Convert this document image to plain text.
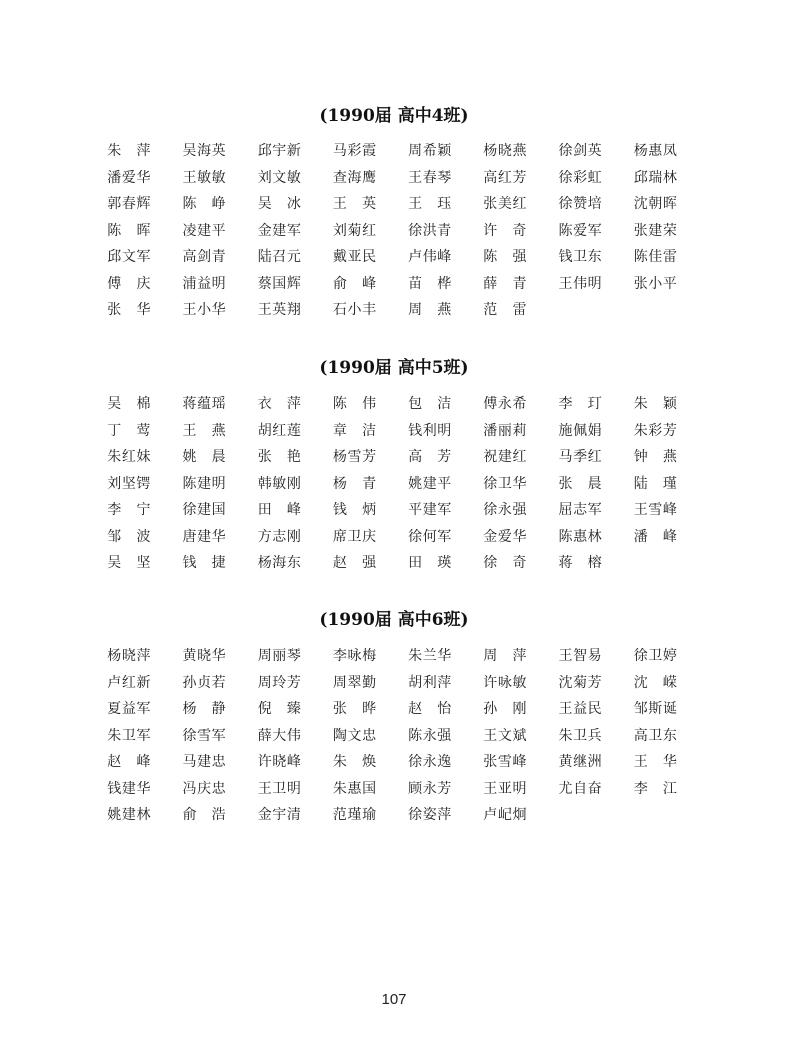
(1990届 高中4班)
朱 萍	吴海英	邱宇新	马彩霞	周希颖	杨晓燕	徐剑英	杨惠凤
潘爱华	王敏敏	刘文敏	查海鹰	王春琴	高红芳	徐彩虹	邱瑞林
郭春辉	陈 峥	吴 冰	王 英	王 珏	张美红	徐赞培	沈朝晖
陈 晖	凌建平	金建军	刘菊红	徐洪青	许 奇	陈爱军	张建荣
邱文军	高剑青	陆召元	戴亚民	卢伟峰	陈 强	钱卫东	陈佳雷
傅 庆	浦益明	蔡国辉	俞 峰	苗 桦	薛 青	王伟明	张小平
张 华	王小华	王英翔	石小丰	周 燕	范 雷
(1990届 高中5班)
吴 棉	蒋蕴瑶	衣 萍	陈 伟	包 洁	傅永希	李 玎	朱 颖
丁 莺	王 燕	胡红莲	章 洁	钱利明	潘丽莉	施佩娟	朱彩芳
朱红妹	姚 晨	张 艳	杨雪芳	高 芳	祝建红	马季红	钟 燕
刘坚锷	陈建明	韩敏刚	杨 青	姚建平	徐卫华	张 晨	陆 瑾
李 宁	徐建国	田 峰	钱 炳	平建军	徐永强	屈志军	王雪峰
邹 波	唐建华	方志刚	席卫庆	徐何军	金爱华	陈惠林	潘 峰
吴 坚	钱 捷	杨海东	赵 强	田 瑛	徐 奇	蒋 榕
(1990届 高中6班)
杨晓萍	黄晓华	周丽琴	李咏梅	朱兰华	周 萍	王智易	徐卫婷
卢红新	孙贞若	周玲芳	周翠勤	胡利萍	许咏敏	沈菊芳	沈 嵘
夏益军	杨 静	倪 臻	张 晔	赵 怡	孙 刚	王益民	邹斯诞
朱卫军	徐雪军	薛大伟	陶文忠	陈永强	王文斌	朱卫兵	高卫东
赵 峰	马建忠	许晓峰	朱 焕	徐永逸	张雪峰	黄继洲	王 华
钱建华	冯庆忠	王卫明	朱惠国	顾永芳	王亚明	尤自奋	李 江
姚建林	俞 浩	金宇清	范瑾瑜	徐姿萍	卢屺炯
107
